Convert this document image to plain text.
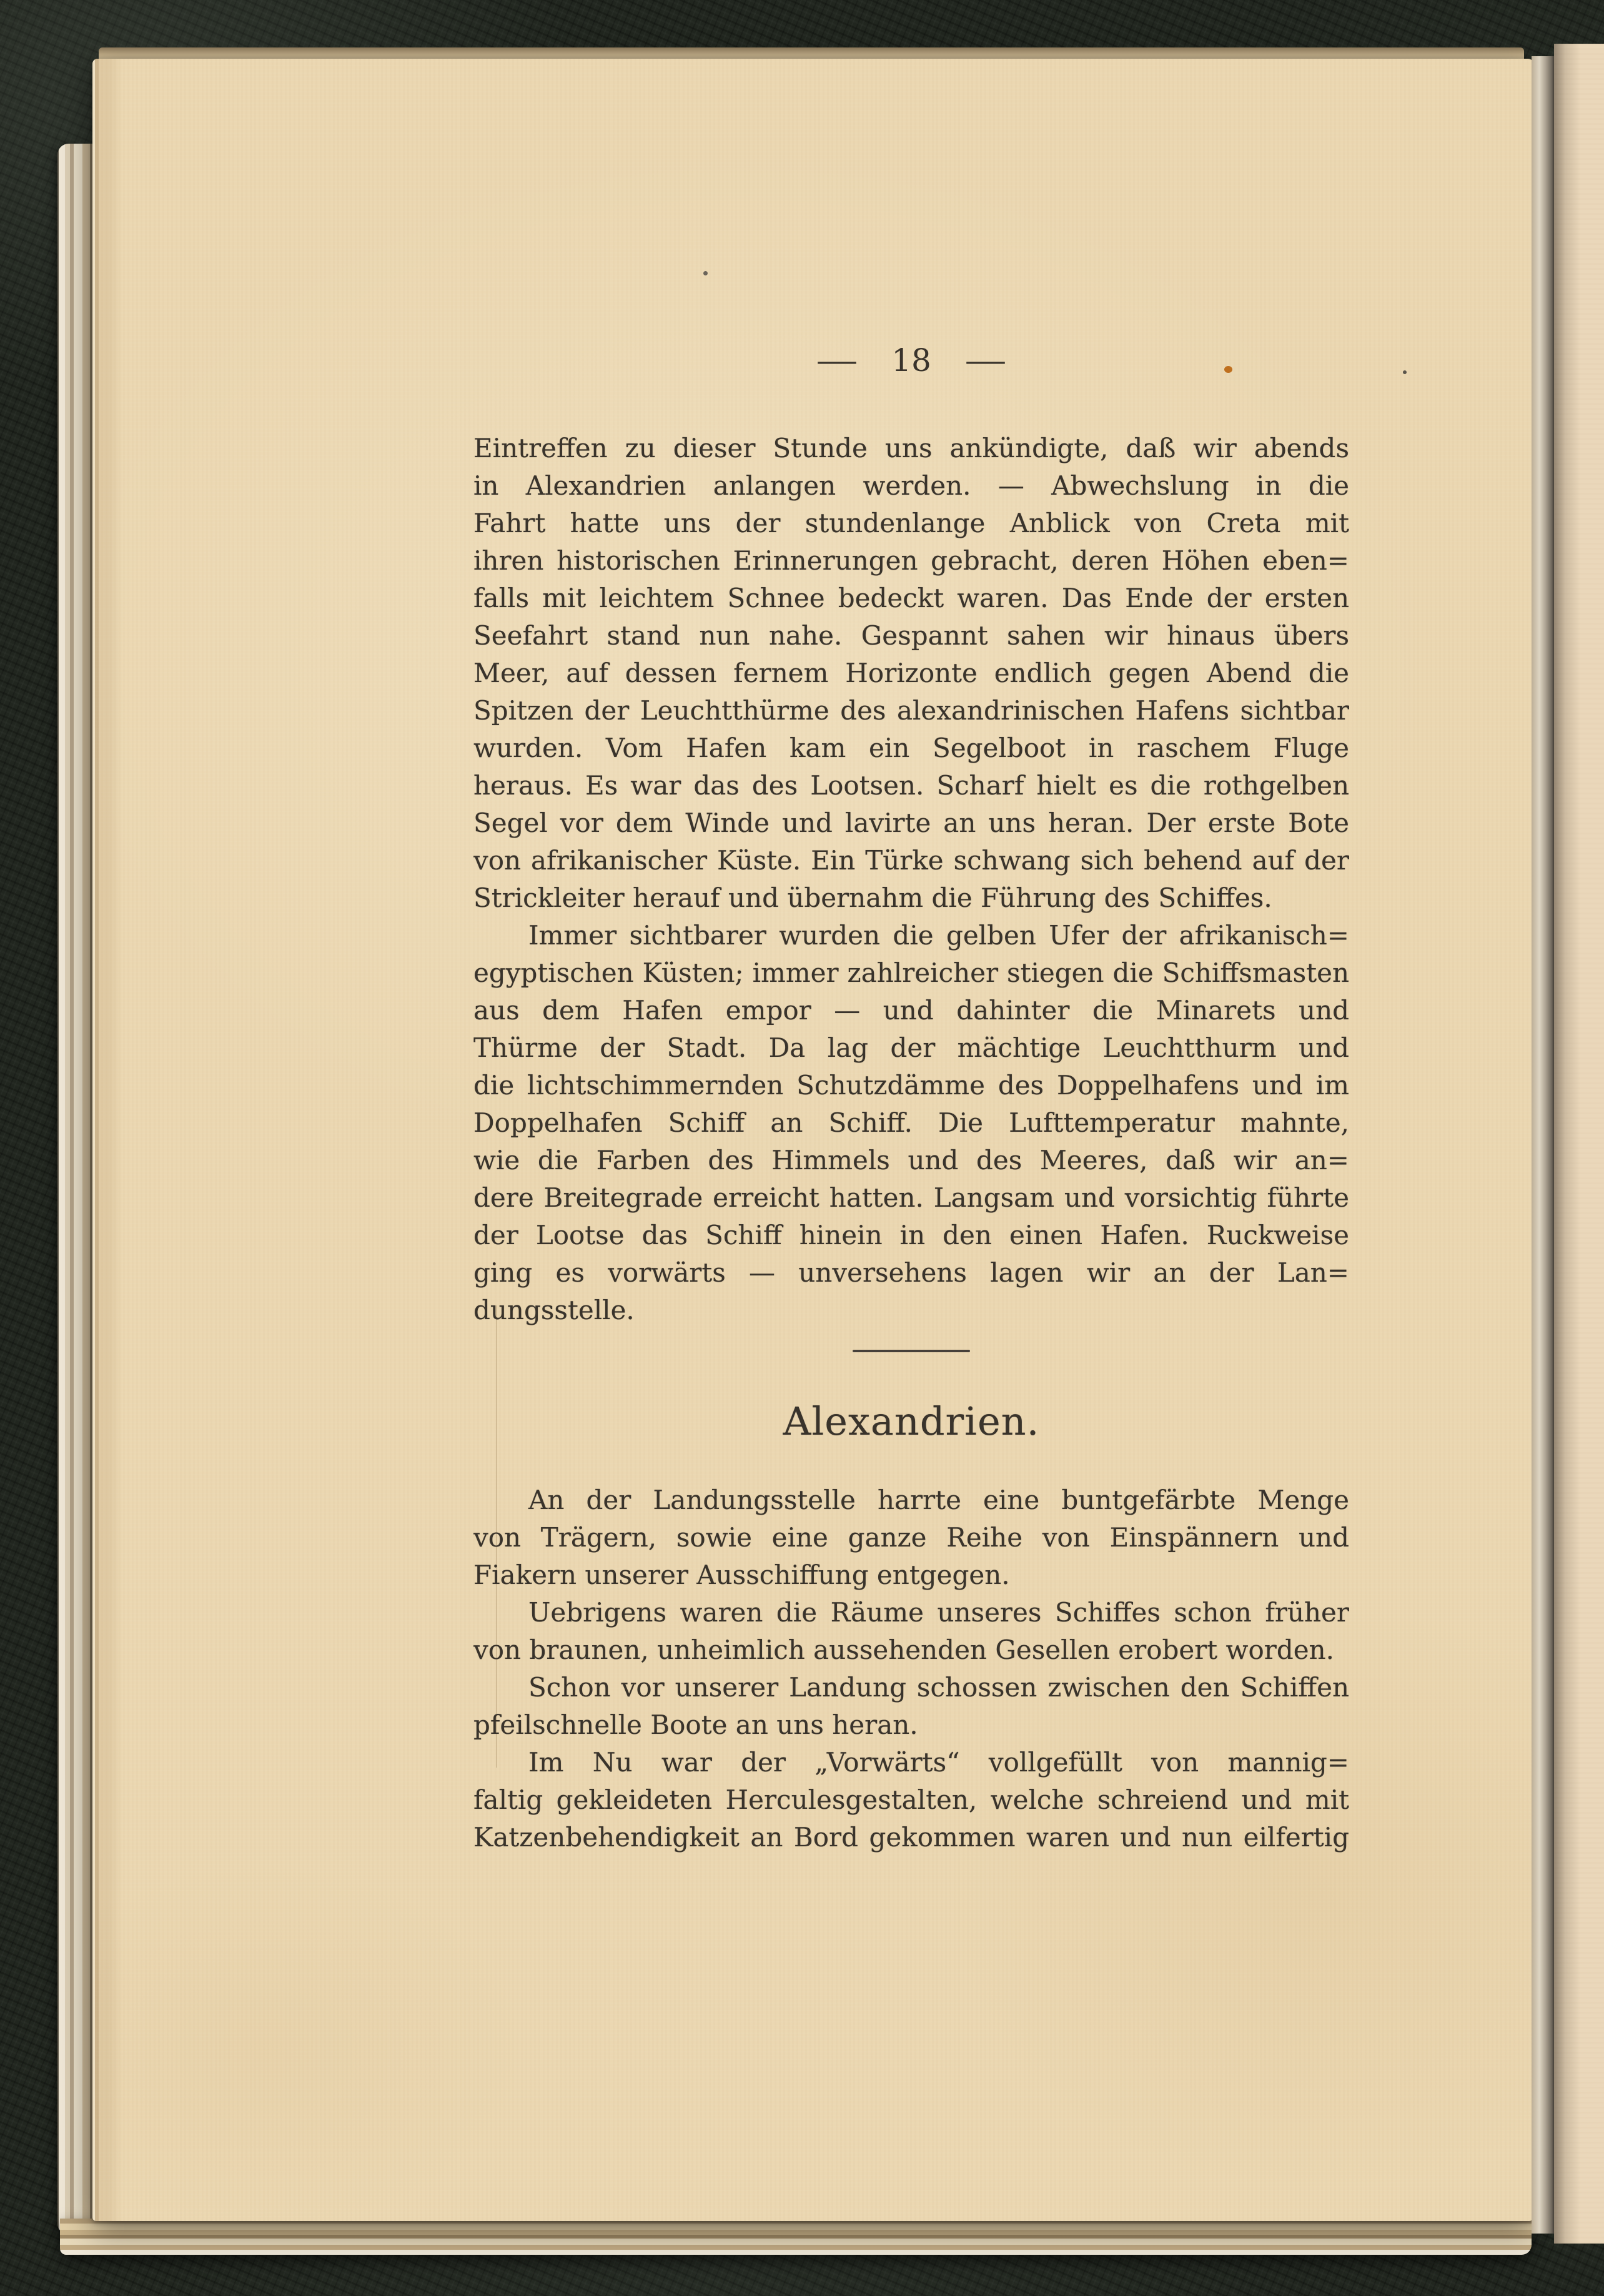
— 18 —
Eintreffen zu dieser Stunde uns ankündigte, daß wir abends
in Alexandrien anlangen werden. — Abwechslung in die
Fahrt hatte uns der stundenlange Anblick von Creta mit
ihren historischen Erinnerungen gebracht, deren Höhen eben=
falls mit leichtem Schnee bedeckt waren. Das Ende der ersten
Seefahrt stand nun nahe. Gespannt sahen wir hinaus übers
Meer, auf dessen fernem Horizonte endlich gegen Abend die
Spitzen der Leuchtthürme des alexandrinischen Hafens sichtbar
wurden. Vom Hafen kam ein Segelboot in raschem Fluge
heraus. Es war das des Lootsen. Scharf hielt es die rothgelben
Segel vor dem Winde und lavirte an uns heran. Der erste Bote
von afrikanischer Küste. Ein Türke schwang sich behend auf der
Strickleiter herauf und übernahm die Führung des Schiffes.
Immer sichtbarer wurden die gelben Ufer der afrikanisch=
egyptischen Küsten; immer zahlreicher stiegen die Schiffsmasten
aus dem Hafen empor — und dahinter die Minarets und
Thürme der Stadt. Da lag der mächtige Leuchtthurm und
die lichtschimmernden Schutzdämme des Doppelhafens und im
Doppelhafen Schiff an Schiff. Die Lufttemperatur mahnte,
wie die Farben des Himmels und des Meeres, daß wir an=
dere Breitegrade erreicht hatten. Langsam und vorsichtig führte
der Lootse das Schiff hinein in den einen Hafen. Ruckweise
ging es vorwärts — unversehens lagen wir an der Lan=
dungsstelle.
Alexandrien.
An der Landungsstelle harrte eine buntgefärbte Menge
von Trägern, sowie eine ganze Reihe von Einspännern und
Fiakern unserer Ausschiffung entgegen.
Uebrigens waren die Räume unseres Schiffes schon früher
von braunen, unheimlich aussehenden Gesellen erobert worden.
Schon vor unserer Landung schossen zwischen den Schiffen
pfeilschnelle Boote an uns heran.
Im Nu war der „Vorwärts“ vollgefüllt von mannig=
faltig gekleideten Herculesgestalten, welche schreiend und mit
Katzenbehendigkeit an Bord gekommen waren und nun eilfertig
